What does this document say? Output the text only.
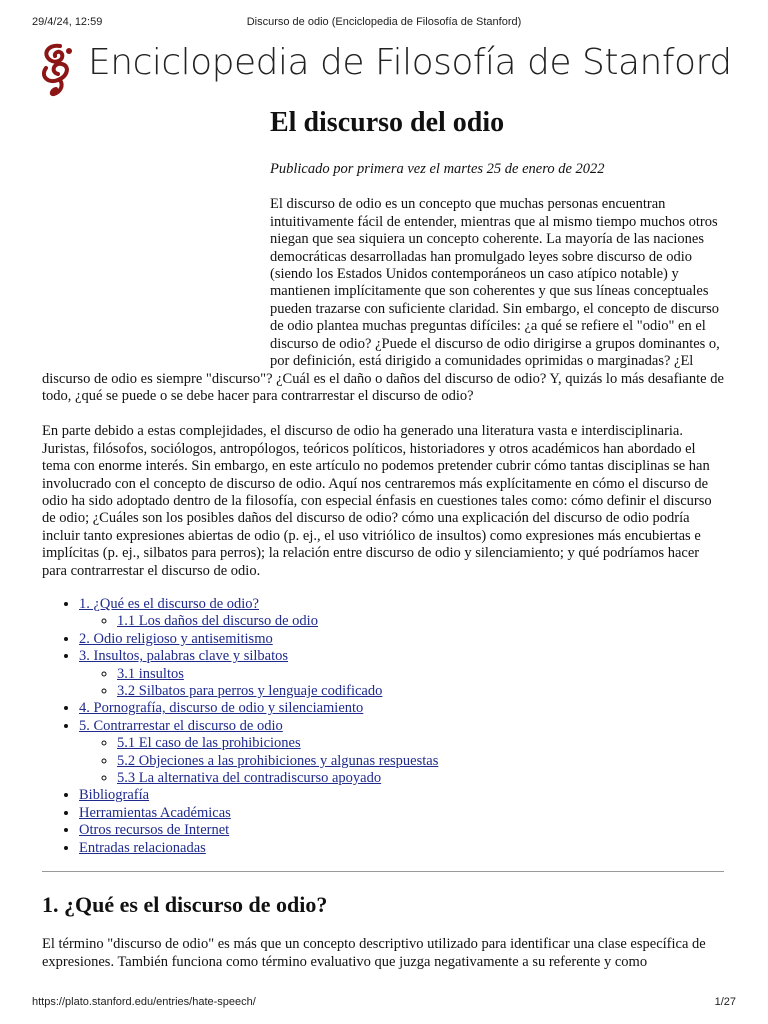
29/4/24, 12:59	Discurso de odio (Enciclopedia de Filosofía de Stanford)
Enciclopedia de Filosofía de Stanford
El discurso del odio
Publicado por primera vez el martes 25 de enero de 2022

El discurso de odio es un concepto que muchas personas encuentran intuitivamente fácil de entender, mientras que al mismo tiempo muchos otros niegan que sea siquiera un concepto coherente. La mayoría de las naciones democráticas desarrolladas han promulgado leyes sobre discurso de odio (siendo los Estados Unidos contemporáneos un caso atípico notable) y mantienen implícitamente que son coherentes y que sus líneas conceptuales pueden trazarse con suficiente claridad. Sin embargo, el concepto de discurso de odio plantea muchas preguntas difíciles: ¿a qué se refiere el "odio" en el discurso de odio? ¿Puede el discurso de odio dirigirse a grupos dominantes o, por definición, está dirigido a comunidades oprimidas o marginadas? ¿El discurso de odio es siempre "discurso"? ¿Cuál es el daño o daños del discurso de odio? Y, quizás lo más desafiante de todo, ¿qué se puede o se debe hacer para contrarrestar el discurso de odio?

En parte debido a estas complejidades, el discurso de odio ha generado una literatura vasta e interdisciplinaria. Juristas, filósofos, sociólogos, antropólogos, teóricos políticos, historiadores y otros académicos han abordado el tema con enorme interés. Sin embargo, en este artículo no podemos pretender cubrir cómo tantas disciplinas se han involucrado con el concepto de discurso de odio. Aquí nos centraremos más explícitamente en cómo el discurso de odio ha sido adoptado dentro de la filosofía, con especial énfasis en cuestiones tales como: cómo definir el discurso de odio; ¿Cuáles son los posibles daños del discurso de odio? cómo una explicación del discurso de odio podría incluir tanto expresiones abiertas de odio (p. ej., el uso vitriólico de insultos) como expresiones más encubiertas e implícitas (p. ej., silbatos para perros); la relación entre discurso de odio y silenciamiento; y qué podríamos hacer para contrarrestar el discurso de odio.

• 1. ¿Qué es el discurso de odio?
◦ 1.1 Los daños del discurso de odio
• 2. Odio religioso y antisemitismo
• 3. Insultos, palabras clave y silbatos
◦ 3.1 insultos
◦ 3.2 Silbatos para perros y lenguaje codificado
• 4. Pornografía, discurso de odio y silenciamiento
• 5. Contrarrestar el discurso de odio
◦ 5.1 El caso de las prohibiciones
◦ 5.2 Objeciones a las prohibiciones y algunas respuestas
◦ 5.3 La alternativa del contradiscurso apoyado
• Bibliografía
• Herramientas Académicas
• Otros recursos de Internet
• Entradas relacionadas
1. ¿Qué es el discurso de odio?

El término "discurso de odio" es más que un concepto descriptivo utilizado para identificar una clase específica de expresiones. También funciona como término evaluativo que juzga negativamente a su referente y como

https://plato.stanford.edu/entries/hate-speech/	1/27
